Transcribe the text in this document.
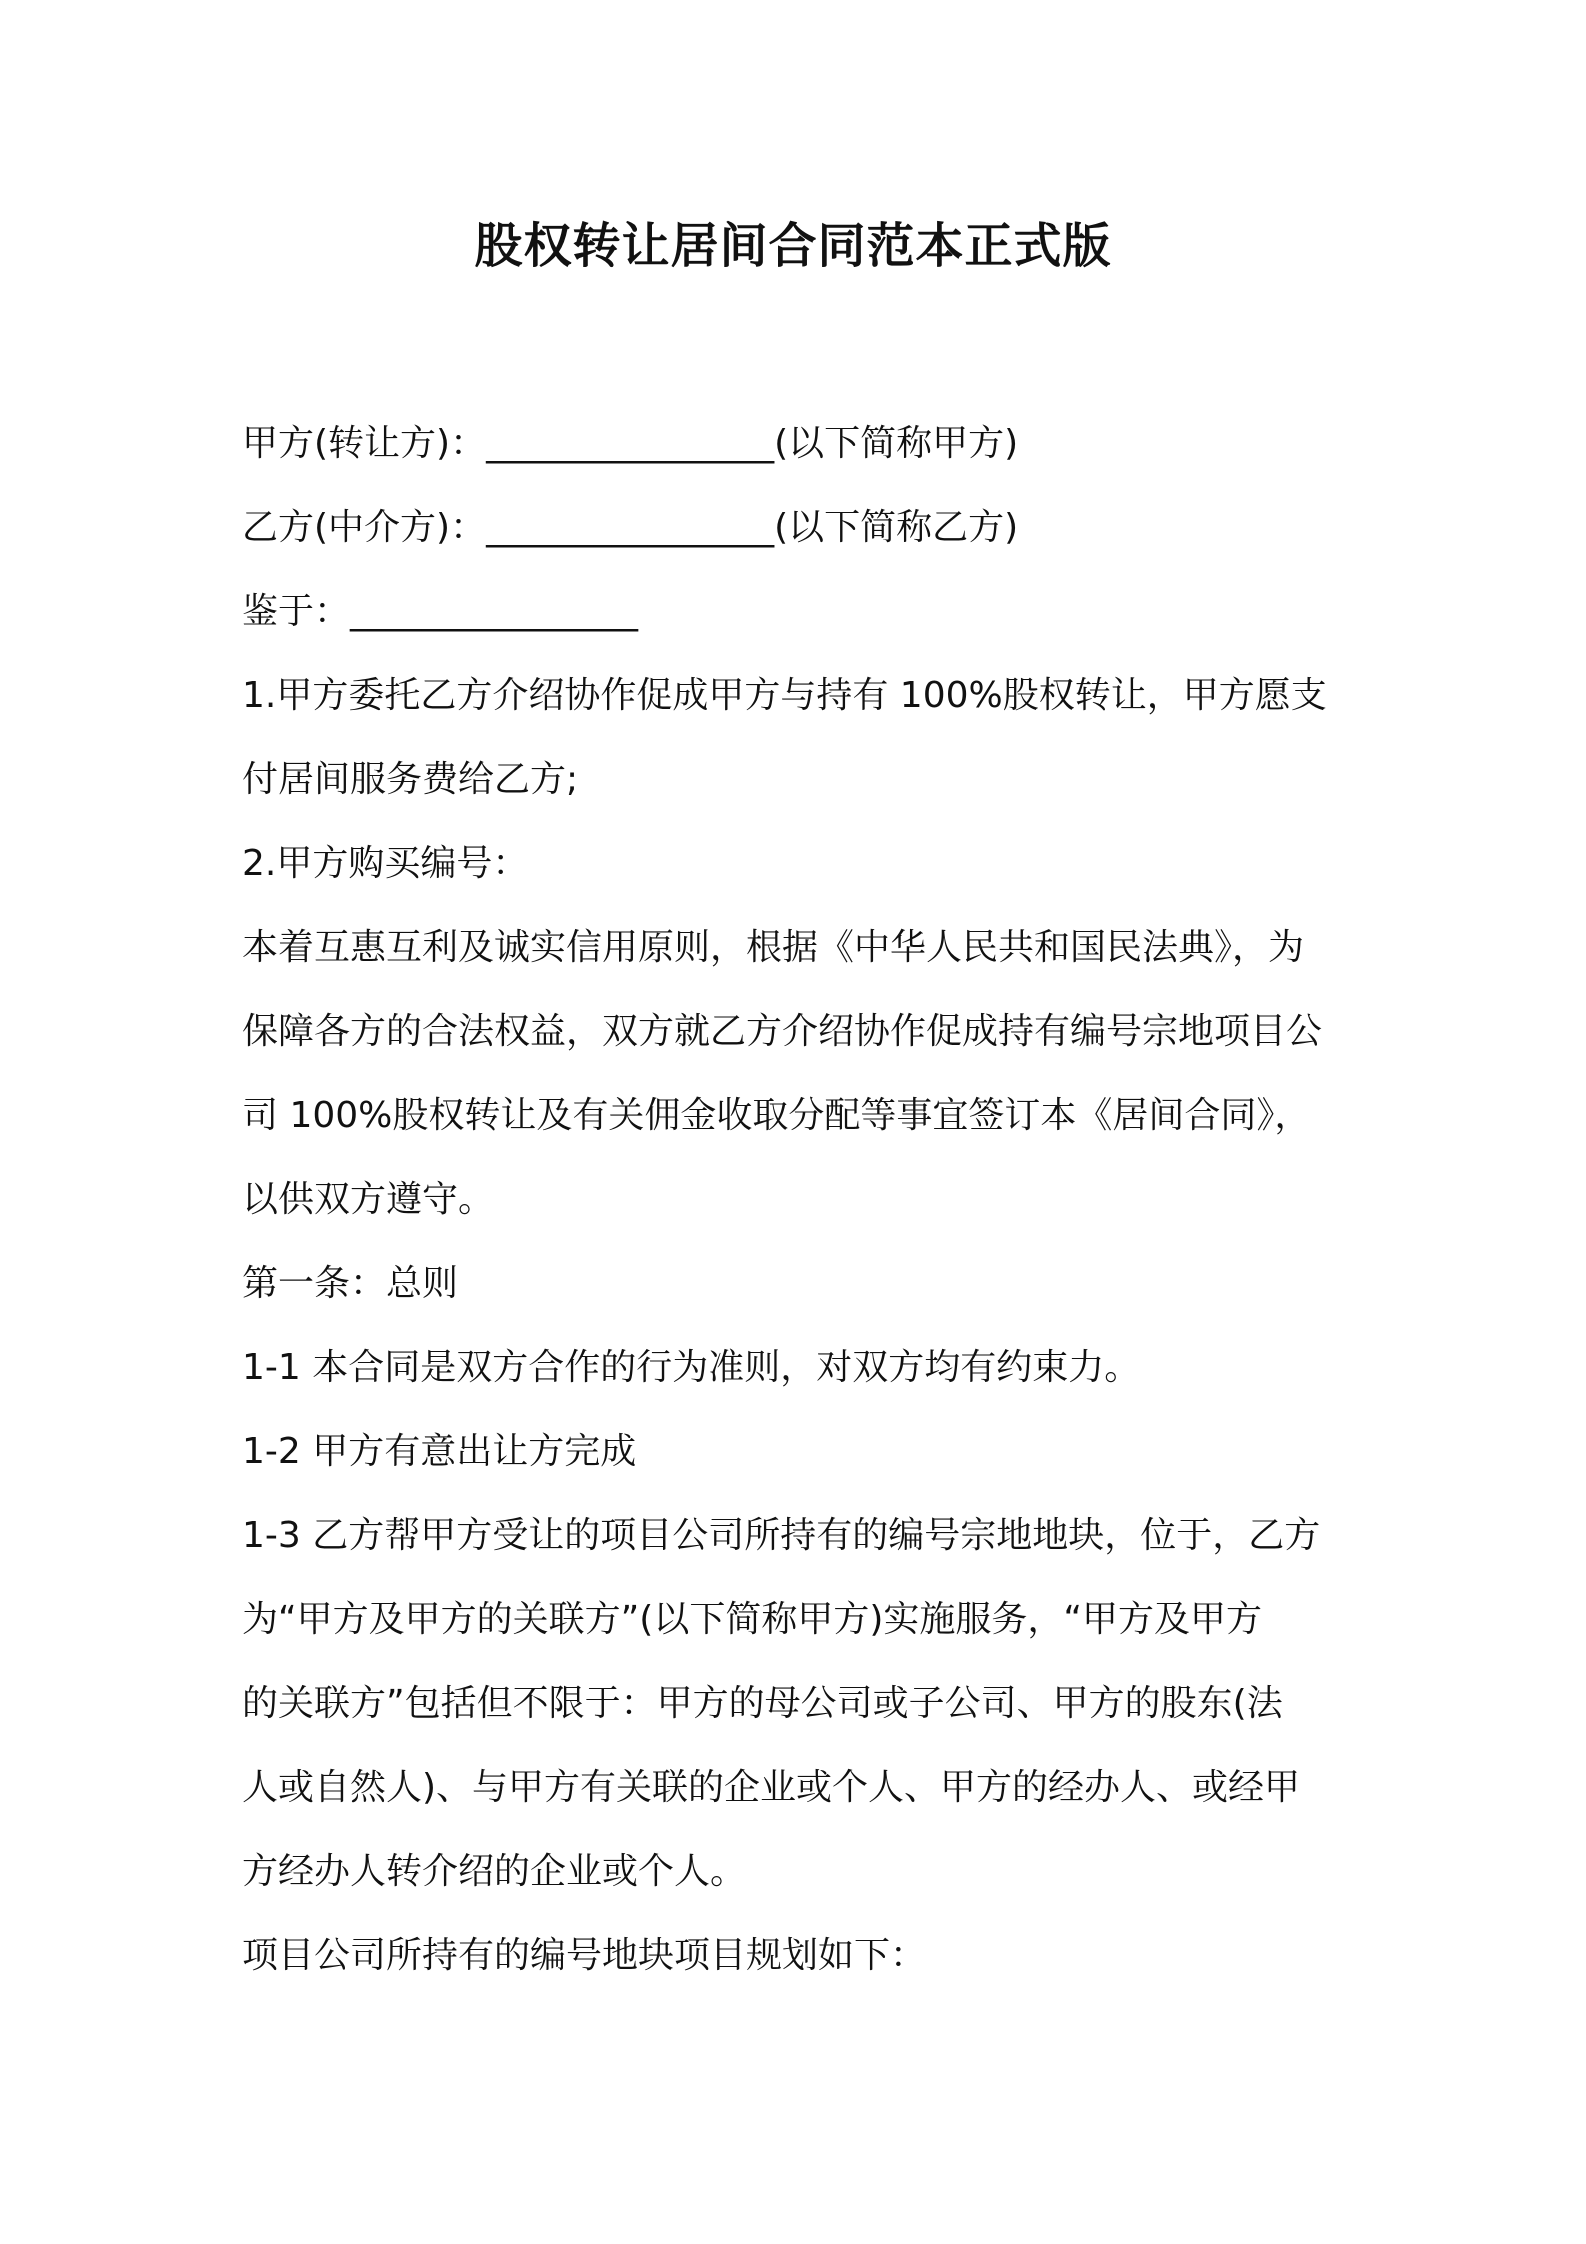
股权转让居间合同范本正式版

甲方(转让方)：________________(以下简称甲方)

乙方(中介方)：________________(以下简称乙方)

鉴于：________________

1.甲方委托乙方介绍协作促成甲方与持有 100%股权转让，甲方愿支

付居间服务费给乙方;

2.甲方购买编号：

本着互惠互利及诚实信用原则，根据《中华人民共和国民法典》，为

保障各方的合法权益，双方就乙方介绍协作促成持有编号宗地项目公

司 100%股权转让及有关佣金收取分配等事宜签订本《居间合同》，

以供双方遵守。

第一条：总则

1-1 本合同是双方合作的行为准则，对双方均有约束力。

1-2 甲方有意出让方完成

1-3 乙方帮甲方受让的项目公司所持有的编号宗地地块，位于，乙方

为“甲方及甲方的关联方”(以下简称甲方)实施服务，“甲方及甲方

的关联方”包括但不限于：甲方的母公司或子公司、甲方的股东(法

人或自然人)、与甲方有关联的企业或个人、甲方的经办人、或经甲

方经办人转介绍的企业或个人。

项目公司所持有的编号地块项目规划如下：
